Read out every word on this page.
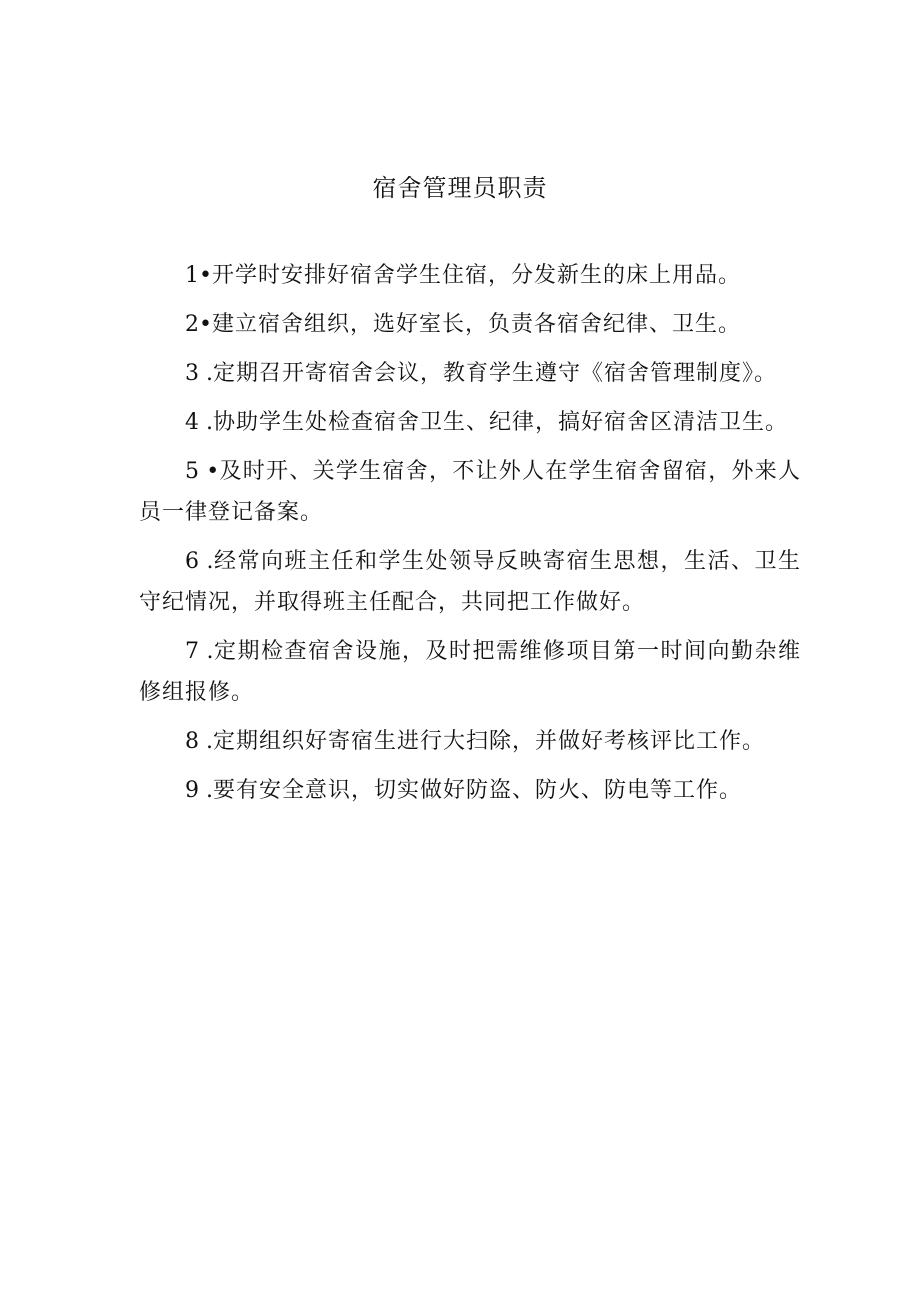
宿舍管理员职责

1•开学时安排好宿舍学生住宿，分发新生的床上用品。

2•建立宿舍组织，选好室长，负责各宿舍纪律、卫生。

3 .定期召开寄宿舍会议，教育学生遵守《宿舍管理制度》。

4 .协助学生处检查宿舍卫生、纪律，搞好宿舍区清洁卫生。

5 •及时开、关学生宿舍，不让外人在学生宿舍留宿，外来人员一律登记备案。

6 .经常向班主任和学生处领导反映寄宿生思想，生活、卫生守纪情况，并取得班主任配合，共同把工作做好。

7 .定期检查宿舍设施，及时把需维修项目第一时间向勤杂维修组报修。

8 .定期组织好寄宿生进行大扫除，并做好考核评比工作。

9 .要有安全意识，切实做好防盗、防火、防电等工作。
